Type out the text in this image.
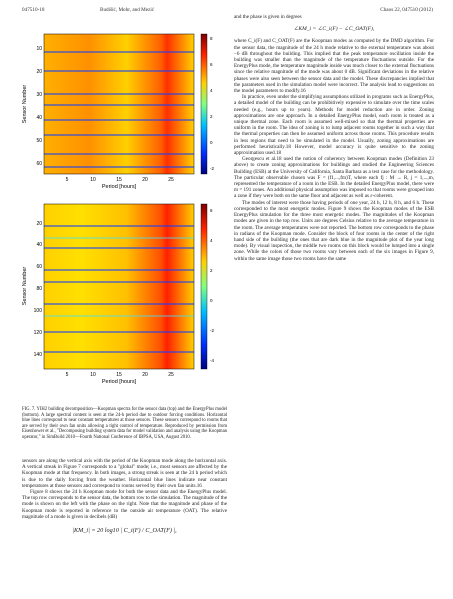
047510-18	Budišić, Mohr, and Mezić	Chaos 22, 047510 (2012)
10
20
30
40
50
60
5	10	15	20	25
Period [hours]
Sensor Number
8
6
4
2
0
-2
20
40
60
80
100
120
140
5	10	15	20	25
Period [hours]
Sensor Number
6
4
2
0
-2
-4
FIG. 7. YIH2 building decomposition—Koopman spectra for the sensor data (top) and the EnergyPlus model (bottom). A large spectral content is seen at the 24-h period due to outdoor forcing conditions. Horizontal blue lines correspond to near constant temperatures at those sensors. These sensors correspond to rooms that are served by their own fan units allowing a tight control of temperature. Reproduced by permission from Eisenhower et al., "Decomposing building system data for model validation and analysis using the Koopman operator," in SimBuild 2010—Fourth National Conference of IBPSA, USA, August 2010.

sensors are along the vertical axis with the period of the Koopman mode along the horizontal axis. A vertical streak in Figure 7 corresponds to a "global" mode; i.e., most sensors are affected by the Koopman mode at that frequency. In both images, a strong streak is seen at the 24 h period which is due to the daily forcing from the weather. Horizontal blue lines indicate near constant temperatures at those sensors and correspond to rooms served by their own fan units.16

Figure 8 shows the 24 h Koopman mode for both the sensor data and the EnergyPlus model. The top row corresponds to the sensor data, the bottom row to the simulation. The magnitude of the mode is shown on the left with the phase on the right. Note that the magnitude and phase of the Koopman mode is reported in reference to the outside air temperature (OAT). The relative magnitude of a mode is given in decibels (dB)

|KM_i| = 20 log10 | C_i(F) / C_OAT(F) |,

and the phase is given in degrees

∠KM_i = ∠C_i(F) − ∠C_OAT(F),

where C_i(F) and C_OAT(F) are the Koopman modes as computed by the DMD algorithm. For the sensor data, the magnitude of the 24 h mode relative to the external temperature was about −6 dB throughout the building. This implied that the peak temperature oscillation inside the building was smaller than the magnitude of the temperature fluctuations outside. For the EnergyPlus mode, the temperature magnitude inside was much closer to the external fluctuations since the relative magnitude of the mode was about 0 dB. Significant deviations in the relative phases were also seen between the sensor data and the model. These discrepancies implied that the parameters used in the simulation model were incorrect. The analysis lead to suggestions on the model parameters to modify.16

In practice, even under the simplifying assumptions utilized in programs such as EnergyPlus, a detailed model of the building can be prohibitively expensive to simulate over the time scales needed (e.g., hours up to years). Methods for model reduction are in order. Zoning approximations are one approach. In a detailed EnergyPlus model, each room is treated as a unique thermal zone. Each room is assumed well-mixed so that the thermal properties are uniform in the room. The idea of zoning is to lump adjacent rooms together in such a way that the thermal properties can then be assumed uniform across those rooms. This procedure results in less regions that need to be simulated in the model. Usually, zoning approximations are performed heuristically.18 However, model accuracy is quite sensitive to the zoning approximation used.18

Georgescu et al.18 used the notion of coherency between Koopman modes (Definition 23 above) to create zoning approximations for buildings and studied the Engineering Sciences Building (ESB) at the University of California, Santa Barbara as a test case for the methodology. The particular observable chosen was F = (f1,...,fm)T, where each fj : M → R, j = 1,...,m, represented the temperature of a room in the ESB. In the detailed EnergyPlus model, there were m = 191 zones. An additional physical assumption was imposed so that rooms were grouped into a zone if they were both on the same floor and adjacent as well as ε-coherent.

The modes of interest were those having periods of one year, 24 h, 12 h, 8 h, and 6 h. These corresponded to the most energetic modes. Figure 9 shows the Koopman modes of the ESB EnergyPlus simulation for the three most energetic modes. The magnitudes of the Koopman modes are given in the top row. Units are degrees Celsius relative to the average temperature in the room. The average temperatures were not reported. The bottom row corresponds to the phase in radians of the Koopman mode. Consider the block of four rooms in the center of the right hand side of the building (the ones that are dark blue in the magnitude plot of the year long mode). By visual inspection, the middle two rooms on this block would be lumped into a single zone. While the colors of those two rooms vary between each of the six images in Figure 9, within the same image those two rooms have the same
